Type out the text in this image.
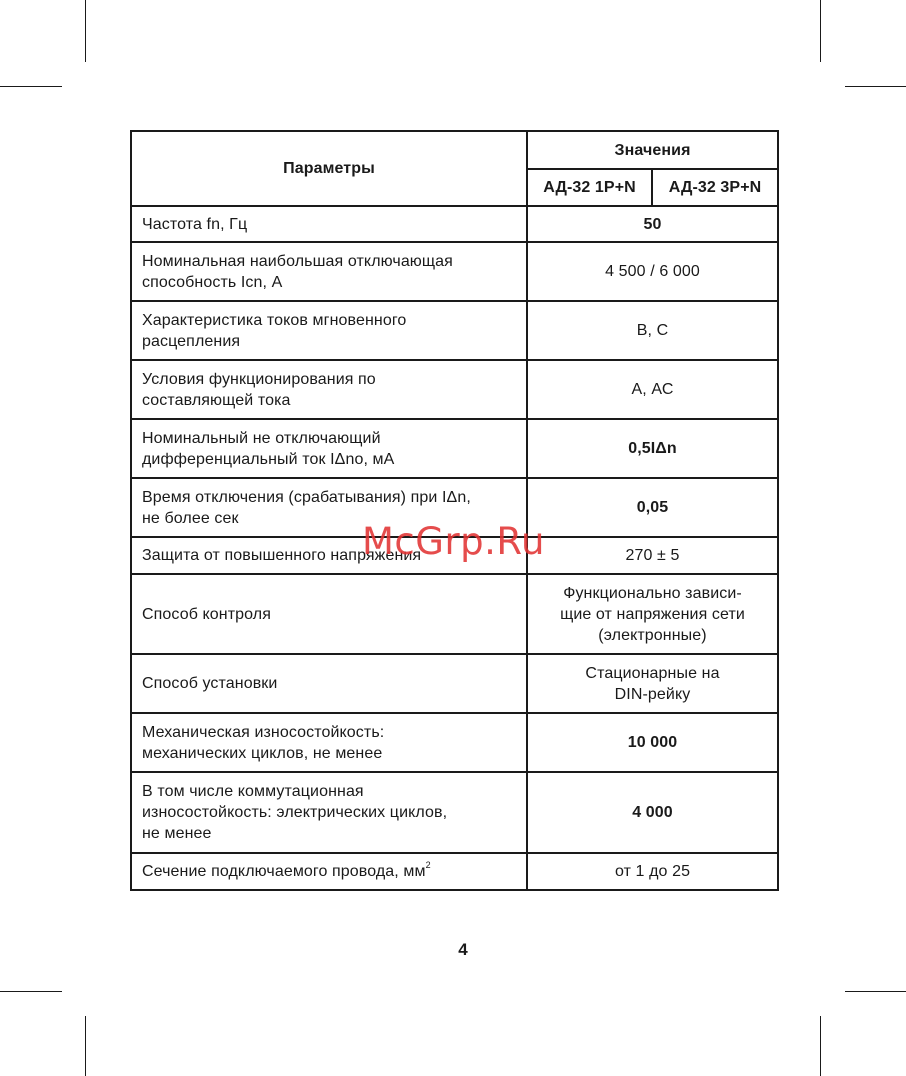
Параметры	Значения	
	АД-32 1P+N	АД-32 3P+N
Частота fn, Гц	50	
Номинальная наибольшая отключающая
способность Icn, А	4 500 / 6 000	
Характеристика токов мгновенного
расцепления	B, C	
Условия функционирования по
составляющей тока	А, АС	
Номинальный не отключающий
дифференциальный ток IΔno, мА	0,5IΔn	
Время отключения (срабатывания) при IΔn,
не более сек	0,05	
Защита от повышенного напряжения	270 ± 5	
Способ контроля	Функционально зависи-
щие от напряжения сети
(электронные)	
Способ установки	Стационарные на
DIN-рейку	
Механическая износостойкость:
механических циклов, не менее	10 000	
В том числе коммутационная
износостойкость: электрических циклов,
не менее	4 000	
Сечение подключаемого провода, $мм^2$	от 1 до 25	
McGrp.Ru
4
